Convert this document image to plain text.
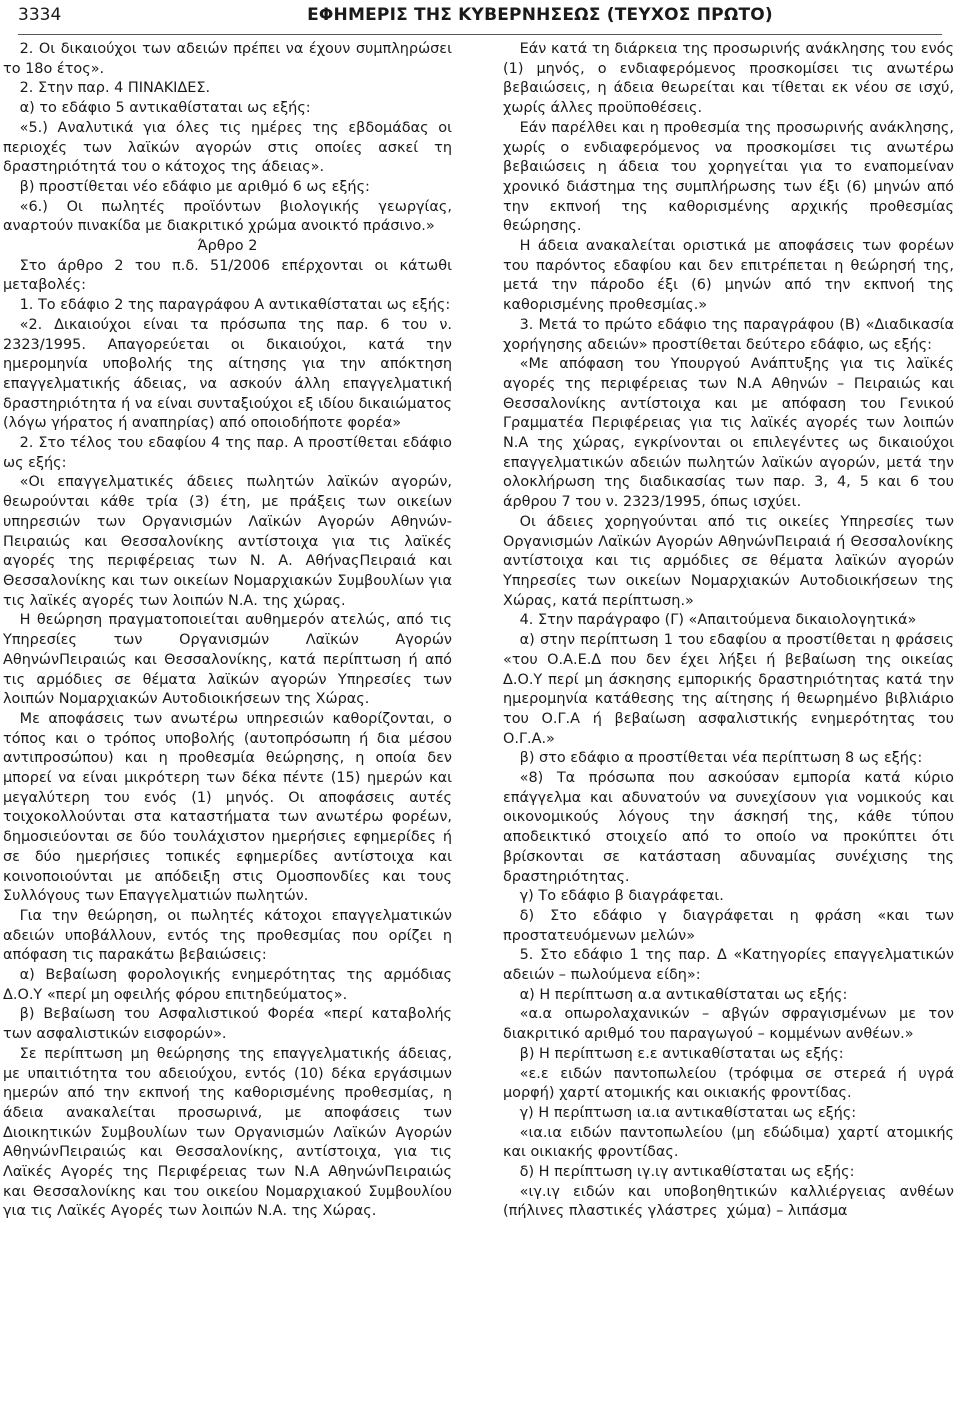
3334	ΕΦΗΜΕΡΙΣ ΤΗΣ ΚΥΒΕΡΝΗΣΕΩΣ (ΤΕΥΧΟΣ ΠΡΩΤΟ)

2. Οι δικαιούχοι των αδειών πρέπει να έχουν συμπληρώσει το 18ο έτος».

2. Στην παρ. 4 ΠΙΝΑΚΙΔΕΣ.

α) το εδάφιο 5 αντικαθίσταται ως εξής:

«5.) Αναλυτικά για όλες τις ημέρες της εβδομάδας οι περιοχές των λαϊκών αγορών στις οποίες ασκεί τη δραστηριότητά του ο κάτοχος της άδειας».

β) προστίθεται νέο εδάφιο με αριθμό 6 ως εξής:

«6.) Οι πωλητές προϊόντων βιολογικής γεωργίας, αναρτούν πινακίδα με διακριτικό χρώμα ανοικτό πράσινο.»

Άρθρο 2

Στο άρθρο 2 του π.δ. 51/2006 επέρχονται οι κάτωθι μεταβολές:

1. Το εδάφιο 2 της παραγράφου Α αντικαθίσταται ως εξής:

«2. Δικαιούχοι είναι τα πρόσωπα της παρ. 6 του ν. 2323/1995. Απαγορεύεται οι δικαιούχοι, κατά την ημερομηνία υποβολής της αίτησης για την απόκτηση επαγγελματικής άδειας, να ασκούν άλλη επαγγελματική δραστηριότητα ή να είναι συνταξιούχοι εξ ιδίου δικαιώματος (λόγω γήρατος ή αναπηρίας) από οποιοδήποτε φορέα»

2. Στο τέλος του εδαφίου 4 της παρ. Α προστίθεται εδάφιο ως εξής:

«Οι επαγγελματικές άδειες πωλητών λαϊκών αγορών, θεωρούνται κάθε τρία (3) έτη, με πράξεις των οικείων υπηρεσιών των Οργανισμών Λαϊκών Αγορών Αθηνών Πειραιώς και Θεσσαλονίκης αντίστοιχα για τις λαϊκές αγορές της περιφέρειας των Ν. Α. ΑθήναςΠειραιά και Θεσσαλονίκης και των οικείων Νομαρχιακών Συμβουλίων για τις λαϊκές αγορές των λοιπών Ν.Α. της χώρας.

Η θεώρηση πραγματοποιείται αυθημερόν ατελώς, από τις Υπηρεσίες των Οργανισμών Λαϊκών Αγορών ΑθηνώνΠειραιώς και Θεσσαλονίκης, κατά περίπτωση ή από τις αρμόδιες σε θέματα λαϊκών αγορών Υπηρεσίες των λοιπών Νομαρχιακών Αυτοδιοικήσεων της Χώρας.

Με αποφάσεις των ανωτέρω υπηρεσιών καθορίζονται, ο τόπος και ο τρόπος υποβολής (αυτοπρόσωπη ή δια μέσου αντιπροσώπου) και η προθεσμία θεώρησης, η οποία δεν μπορεί να είναι μικρότερη των δέκα πέντε (15) ημερών και μεγαλύτερη του ενός (1) μηνός. Οι αποφάσεις αυτές τοιχοκολλούνται στα καταστήματα των ανωτέρω φορέων, δημοσιεύονται σε δύο τουλάχιστον ημερήσιες εφημερίδες ή σε δύο ημερήσιες τοπικές εφημερίδες αντίστοιχα και κοινοποιούνται με απόδειξη στις Ομοσπονδίες και τους Συλλόγους των Επαγγελματιών πωλητών.

Για την θεώρηση, οι πωλητές κάτοχοι επαγγελματικών αδειών υποβάλλουν, εντός της προθεσμίας που ορίζει η απόφαση τις παρακάτω βεβαιώσεις:

α) Βεβαίωση φορολογικής ενημερότητας της αρμόδιας Δ.Ο.Υ «περί μη οφειλής φόρου επιτηδεύματος».

β) Βεβαίωση του Ασφαλιστικού Φορέα «περί καταβολής των ασφαλιστικών εισφορών».

Σε περίπτωση μη θεώρησης της επαγγελματικής άδειας, με υπαιτιότητα του αδειούχου, εντός (10) δέκα εργάσιμων ημερών από την εκπνοή της καθορισμένης προθεσμίας, η άδεια ανακαλείται προσωρινά, με αποφάσεις των Διοικητικών Συμβουλίων των Οργανισμών Λαϊκών Αγορών ΑθηνώνΠειραιώς και Θεσσαλονίκης, αντίστοιχα, για τις Λαϊκές Αγορές της Περιφέρειας των Ν.Α ΑθηνώνΠειραιώς και Θεσσαλονίκης και του οικείου Νομαρχιακού Συμβουλίου για τις Λαϊκές Αγορές των λοιπών Ν.Α. της Χώρας.

Εάν κατά τη διάρκεια της προσωρινής ανάκλησης του ενός (1) μηνός, ο ενδιαφερόμενος προσκομίσει τις ανωτέρω βεβαιώσεις, η άδεια θεωρείται και τίθεται εκ νέου σε ισχύ, χωρίς άλλες προϋποθέσεις.

Εάν παρέλθει και η προθεσμία της προσωρινής ανάκλησης, χωρίς ο ενδιαφερόμενος να προσκομίσει τις ανωτέρω βεβαιώσεις η άδεια του χορηγείται για το εναπομείναν χρονικό διάστημα της συμπλήρωσης των έξι (6) μηνών από την εκπνοή της καθορισμένης αρχικής προθεσμίας θεώρησης.

Η άδεια ανακαλείται οριστικά με αποφάσεις των φορέων του παρόντος εδαφίου και δεν επιτρέπεται η θεώρησή της, μετά την πάροδο έξι (6) μηνών από την εκπνοή της καθορισμένης προθεσμίας.»

3. Μετά το πρώτο εδάφιο της παραγράφου (Β) «Διαδικασία χορήγησης αδειών» προστίθεται δεύτερο εδάφιο, ως εξής:

«Με απόφαση του Υπουργού Ανάπτυξης για τις λαϊκές αγορές της περιφέρειας των Ν.Α Αθηνών – Πειραιώς και Θεσσαλονίκης αντίστοιχα και με απόφαση του Γενικού Γραμματέα Περιφέρειας για τις λαϊκές αγορές των λοιπών Ν.Α της χώρας, εγκρίνονται οι επιλεγέντες ως δικαιούχοι επαγγελματικών αδειών πωλητών λαϊκών αγορών, μετά την ολοκλήρωση της διαδικασίας των παρ. 3, 4, 5 και 6 του άρθρου 7 του ν. 2323/1995, όπως ισχύει.

Οι άδειες χορηγούνται από τις οικείες Υπηρεσίες των Οργανισμών Λαϊκών Αγορών ΑθηνώνΠειραιά ή Θεσσαλονίκης αντίστοιχα και τις αρμόδιες σε θέματα λαϊκών αγορών Υπηρεσίες των οικείων Νομαρχιακών Αυτοδιοικήσεων της Χώρας, κατά περίπτωση.»

4. Στην παράγραφο (Γ) «Απαιτούμενα δικαιολογητικά»

α) στην περίπτωση 1 του εδαφίου α προστίθεται η φράσεις «του Ο.Α.Ε.Δ που δεν έχει λήξει ή βεβαίωση της οικείας Δ.Ο.Υ περί μη άσκησης εμπορικής δραστηριότητας κατά την ημερομηνία κατάθεσης της αίτησης ή θεωρημένο βιβλιάριο του Ο.Γ.Α ή βεβαίωση ασφαλιστικής ενημερότητας του Ο.Γ.Α.»

β) στο εδάφιο α προστίθεται νέα περίπτωση 8 ως εξής:

«8) Τα πρόσωπα που ασκούσαν εμπορία κατά κύριο επάγγελμα και αδυνατούν να συνεχίσουν για νομικούς και οικονομικούς λόγους την άσκησή της, κάθε τύπου αποδεικτικό στοιχείο από το οποίο να προκύπτει ότι βρίσκονται σε κατάσταση αδυναμίας συνέχισης της δραστηριότητας.

γ) Το εδάφιο β διαγράφεται.

δ) Στο εδάφιο γ διαγράφεται η φράση «και των προστατευόμενων μελών»

5. Στο εδάφιο 1 της παρ. Δ «Κατηγορίες επαγγελματικών αδειών – πωλούμενα είδη»:

α) Η περίπτωση α.α αντικαθίσταται ως εξής:

«α.α οπωρολαχανικών – αβγών σφραγισμένων με τον διακριτικό αριθμό του παραγωγού – κομμένων ανθέων.»

β) Η περίπτωση ε.ε αντικαθίσταται ως εξής:

«ε.ε ειδών παντοπωλείου (τρόφιμα σε στερεά ή υγρά μορφή) χαρτί ατομικής και οικιακής φροντίδας.

γ) Η περίπτωση ια.ια αντικαθίσταται ως εξής:

«ια.ια ειδών παντοπωλείου (μη εδώδιμα) χαρτί ατομικής και οικιακής φροντίδας.

δ) Η περίπτωση ιγ.ιγ αντικαθίσταται ως εξής:

«ιγ.ιγ ειδών και υποβοηθητικών καλλιέργειας ανθέων (πήλινες πλαστικές γλάστρες χώμα) – λιπάσμα
